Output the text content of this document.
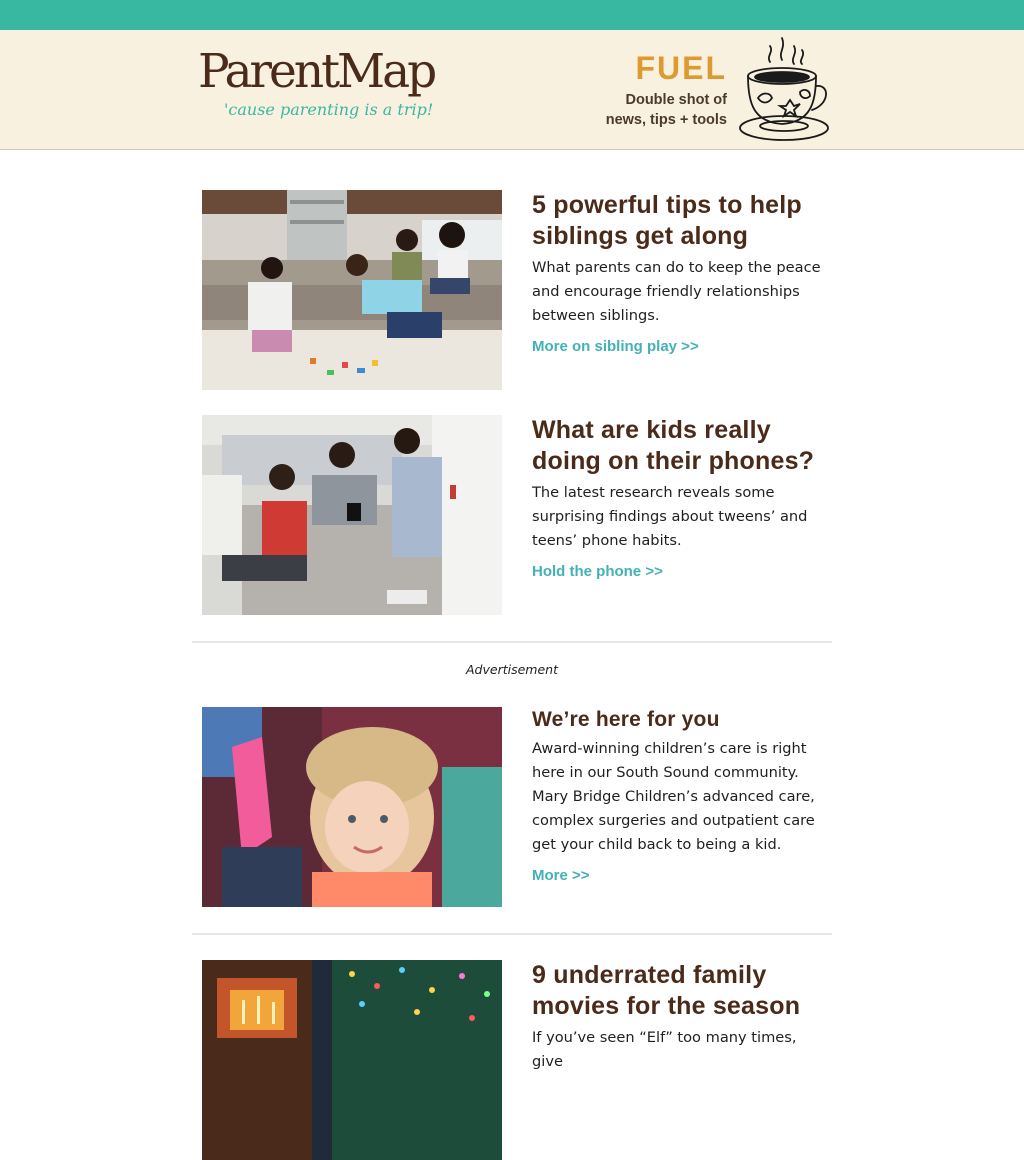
ParentMap
'cause parenting is a trip!
FUEL
Double shot of
news, tips + tools
5 powerful tips to help siblings get along
What parents can do to keep the peace and encourage friendly relationships between siblings.
More on sibling play >>
What are kids really doing on their phones?
The latest research reveals some surprising findings about tweens’ and teens’ phone habits.
Hold the phone >>
Advertisement
We’re here for you
Award-winning children’s care is right here in our South Sound community. Mary Bridge Children’s advanced care, complex surgeries and outpatient care get your child back to being a kid.
More >>
9 underrated family movies for the season
If you’ve seen “Elf” too many times, give
